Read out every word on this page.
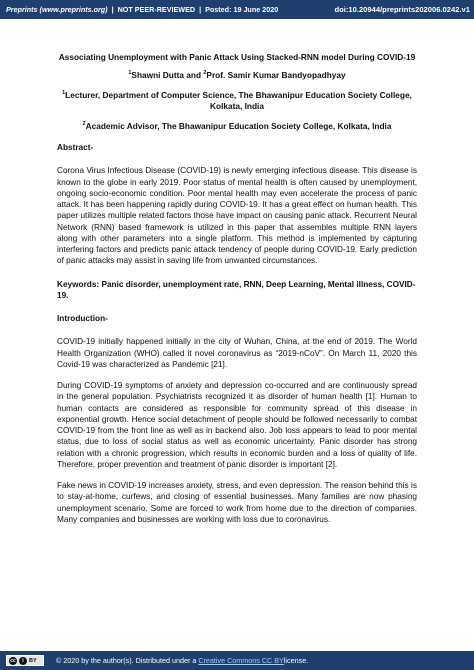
Preprints (www.preprints.org)  |  NOT PEER-REVIEWED  |  Posted: 19 June 2020	doi:10.20944/preprints202006.0242.v1
Associating Unemployment with Panic Attack Using Stacked-RNN model During COVID-19
$^1$Shawni Dutta and $^2$Prof. Samir Kumar Bandyopadhyay
$^1$Lecturer, Department of Computer Science, The Bhawanipur Education Society College, Kolkata, India
$^2$Academic Advisor, The Bhawanipur Education Society College, Kolkata, India
Abstract-
Corona Virus Infectious Disease (COVID-19) is newly emerging infectious disease. This disease is known to the globe in early 2019. Poor status of mental health is often caused by unemployment, ongoing socio-economic condition. Poor mental health may even accelerate the process of panic attack. It has been happening rapidly during COVID-19. It has a great effect on human health. This paper utilizes multiple related factors those have impact on causing panic attack. Recurrent Neural Network (RNN) based framework is utilized in this paper that assembles multiple RNN layers along with other parameters into a single platform. This method is implemented by capturing interfering factors and predicts panic attack tendency of people during COVID-19. Early prediction of panic attacks may assist in saving life from unwanted circumstances.
Keywords: Panic disorder, unemployment rate, RNN, Deep Learning, Mental illness, COVID-19.
Introduction-
COVID-19 initially happened initially in the city of Wuhan, China, at the end of 2019. The World Health Organization (WHO) called it novel coronavirus as “2019-nCoV”. On March 11, 2020 this Covid-19 was characterized as Pandemic [21].
During COVID-19 symptoms of anxiety and depression co-occurred and are continuously spread in the general population. Psychiatrists recognized it as disorder of human health [1]. Human to human contacts are considered as responsible for community spread of this disease in exponential growth. Hence social detachment of people should be followed necessarily to combat COVID-19 from the front line as well as in backend also. Job loss appears to lead to poor mental status, due to loss of social status as well as economic uncertainty. Panic disorder has strong relation with a chronic progression, which results in economic burden and a loss of quality of life. Therefore, proper prevention and treatment of panic disorder is important [2].
Fake news in COVID-19 increases anxiety, stress, and even depression. The reason behind this is to stay-at-home, curfews, and closing of essential businesses. Many families are now phasing unemployment scenario. Some are forced to work from home due to the direction of companies. Many companies and businesses are working with loss due to coronavirus.
cc	i BY	© 2020 by the author(s). Distributed under a
Creative Commons CC BY license.
